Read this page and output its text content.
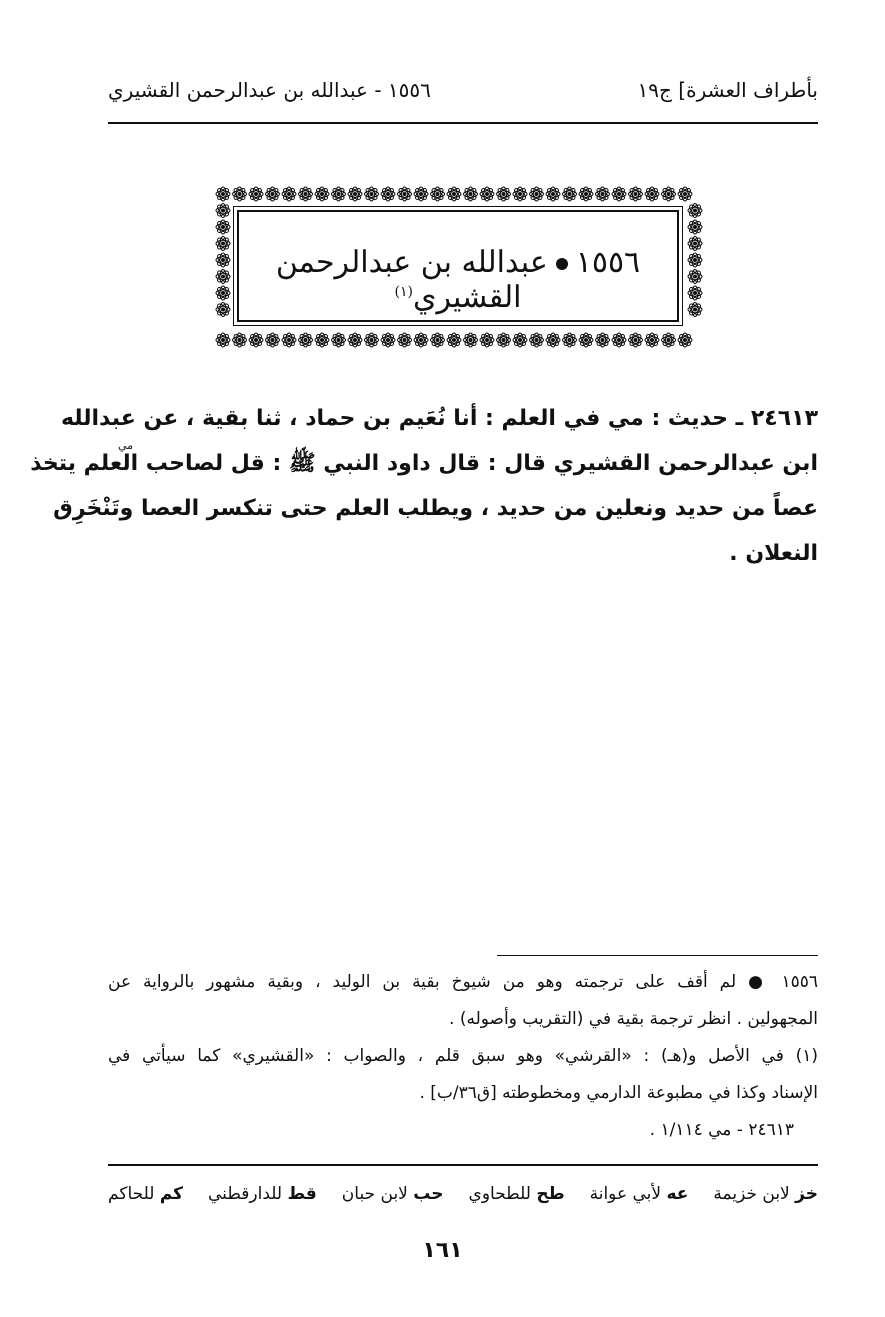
بأطراف العشرة] ج١٩
١٥٥٦ - عبدالله بن عبدالرحمن القشيري
١٥٥٦عبدالله بن عبدالرحمن القشيري$^{(١)}$
٢٤٦١٣ ـ حديث : مي في العلم : أنا نُعَيم بن حماد ، ثنا بقية ، عن عبدالله
مي
ابن عبدالرحمن القشيري قال : قال داود النبي ﷺ : قل لصاحب العلم يتخذ
عصاً من حديد ونعلين من حديد ، ويطلب العلم حتى تنكسر العصا وتَنْخَرِق
النعلان .
١٥٥٦ ● لم أقف على ترجمته وهو من شيوخ بقية بن الوليد ، وبقية مشهور بالرواية عن
المجهولين . انظر ترجمة بقية في (التقريب وأصوله) .
(١) في الأصل و(هـ) : «القرشي» وهو سبق قلم ، والصواب : «القشيري» كما سيأتي في
الإسناد وكذا في مطبوعة الدارمي ومخطوطته [ق٣٦/ب] .
٢٤٦١٣ - مي ١/١١٤ .
خز لابن خزيمة
عه لأبي عوانة
طح للطحاوي
حب لابن حبان
قط للدارقطني
كم للحاكم
١٦١
